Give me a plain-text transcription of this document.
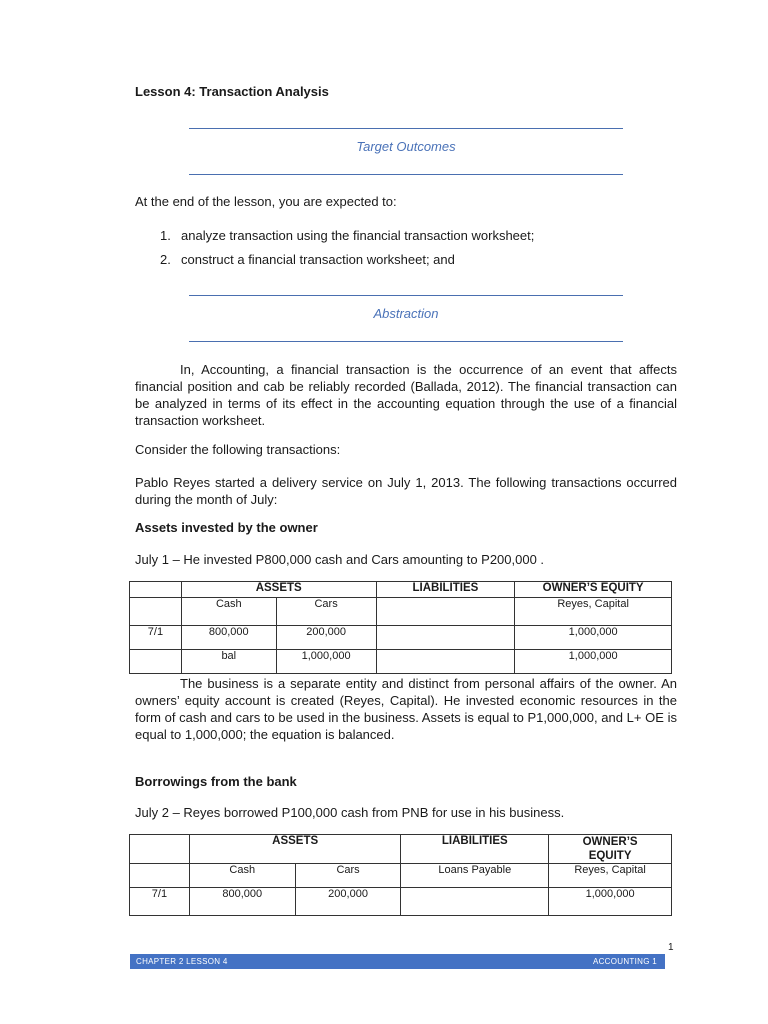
Lesson 4: Transaction Analysis
Target Outcomes
At the end of the lesson, you are expected to:
1. analyze transaction using the financial transaction worksheet;
2. construct a financial transaction worksheet; and
Abstraction
In, Accounting, a financial transaction is the occurrence of an event that affects financial position and cab be reliably recorded (Ballada, 2012). The financial transaction can be analyzed in terms of its effect in the accounting equation through the use of a financial transaction worksheet.
Consider the following transactions:
Pablo Reyes started a delivery service on July 1, 2013. The following transactions occurred during the month of July:
Assets invested by the owner
July 1 – He invested P800,000 cash and Cars amounting to P200,000 .
	ASSETS		LIABILITIES	OWNER’S EQUITY
	Cash	Cars		Reyes, Capital
7/1	800,000	200,000		1,000,000
	bal	1,000,000		1,000,000
The business is a separate entity and distinct from personal affairs of the owner. An owners’ equity account is created (Reyes, Capital). He invested economic resources in the form of cash and cars to be used in the business. Assets is equal to P1,000,000, and L+ OE is equal to 1,000,000; the equation is balanced.
Borrowings from the bank
July 2 – Reyes borrowed P100,000 cash from PNB for use in his business.
	ASSETS		LIABILITIES	OWNER’S
EQUITY

	Cash	Cars	Loans Payable	Reyes, Capital
7/1	800,000	200,000		1,000,000
1
CHAPTER 2 LESSON 4	ACCOUNTING 1
